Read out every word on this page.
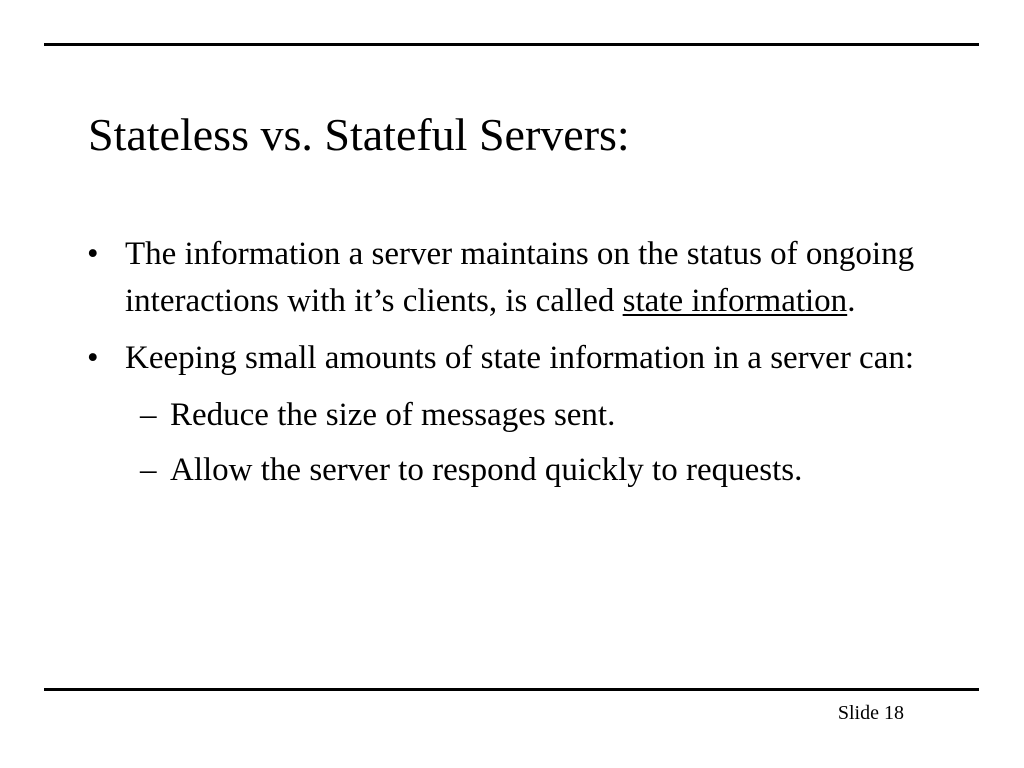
Stateless vs. Stateful Servers:
• The information a server maintains on the status of ongoing interactions with it’s clients, is called state information.
• Keeping small amounts of state information in a server can:
– Reduce the size of messages sent.
– Allow the server to respond quickly to requests.
Slide 18
